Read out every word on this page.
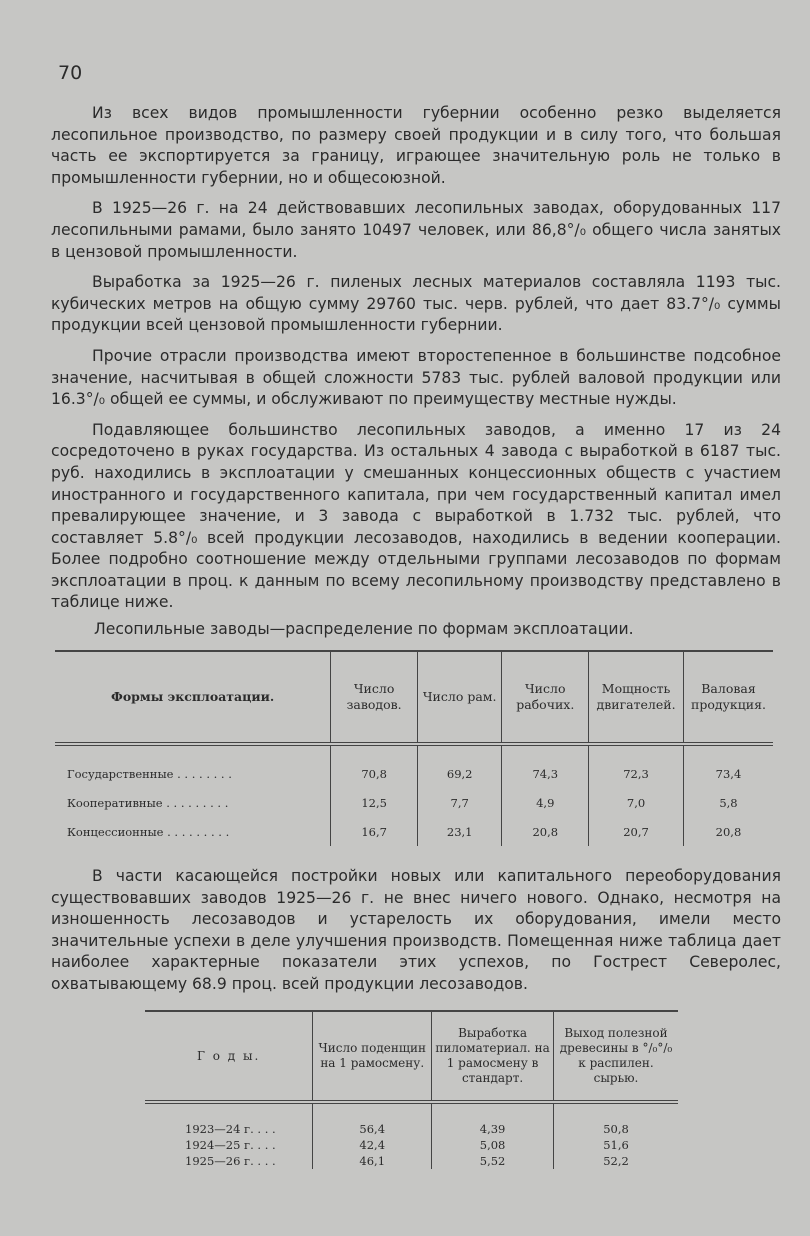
70

Из всех видов промышленности губернии особенно резко выделяется лесопильное производство, по размеру своей продукции и в силу того, что большая часть ее экспортируется за границу, играющее значительную роль не только в промышленности губернии, но и общесоюзной.

В 1925—26 г. на 24 действовавших лесопильных заводах, оборудованных 117 лесопильными рамами, было занято 10497 человек, или 86,8°/₀ общего числа занятых в цензовой промышленности.

Выработка за 1925—26 г. пиленых лесных материалов составляла 1193 тыс. кубических метров на общую сумму 29760 тыс. черв. рублей, что дает 83.7°/₀ суммы продукции всей цензовой промышленности губернии.

Прочие отрасли производства имеют второстепенное в большинстве подсобное значение, насчитывая в общей сложности 5783 тыс. рублей валовой продукции или 16.3°/₀ общей ее суммы, и обслуживают по преимуществу местные нужды.

Подавляющее большинство лесопильных заводов, а именно 17 из 24 сосредоточено в руках государства. Из остальных 4 завода с выработкой в 6187 тыс. руб. находились в эксплоатации у смешанных концессионных обществ с участием иностранного и государственного капитала, при чем государственный капитал имел превалирующее значение, и 3 завода с выработкой в 1.732 тыс. рублей, что составляет 5.8°/₀ всей продукции лесозаводов, находились в ведении кооперации. Более подробно соотношение между отдельными группами лесозаводов по формам эксплоатации в проц. к данным по всему лесопильному производству представлено в таблице ниже.

Лесопильные заводы—распределение по формам эксплоатации.
Формы эксплоатации.	Число заводов.	Число рам.	Число рабочих.	Мощность двигателей.	Валовая продукция.
Государственные . . . . . . . .	70,8	69,2	74,3	72,3	73,4
Кооперативные . . . . . . . . .	12,5	7,7	4,9	7,0	5,8
Концессионные . . . . . . . . .	16,7	23,1	20,8	20,7	20,8

В части касающейся постройки новых или капитального переоборудования существовавших заводов 1925—26 г. не внес ничего нового. Однако, несмотря на изношенность лесозаводов и устарелость их оборудования, имели место значительные успехи в деле улучшения производств. Помещенная ниже таблица дает наиболее характерные показатели этих успехов, по Гострест Северолес, охватывающему 68.9 проц. всей продукции лесозаводов.

Г о д ы.	Число поденщин на 1 рамосмену.	Выработка пиломатериал. на 1 рамосмену в стандарт.	Выход полезной древесины в °/₀°/₀ к распилен. сырью.
1923—24 г. . . .	56,4	4,39	50,8
1924—25 г. . . .	42,4	5,08	51,6
1925—26 г. . . .	46,1	5,52	52,2
